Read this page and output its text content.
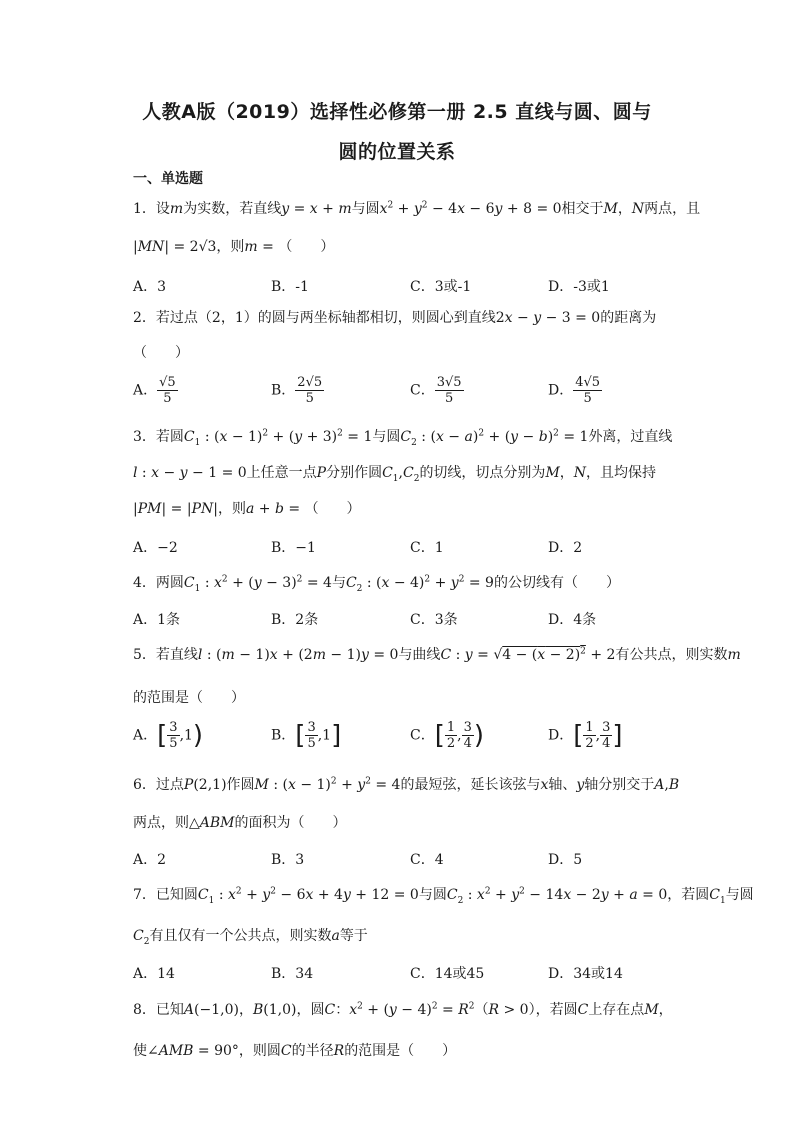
人教A版（2019）选择性必修第一册 2.5 直线与圆、圆与
圆的位置关系
一、单选题
1．设m为实数，若直线y = x + m与圆$x^2 + y^2 - 4x - 6y + 8 = 0$相交于M，N两点，且
|MN| = 2√3，则m = （　　）
A．3	B．-1	C．3或-1	D．-3或1
2．若过点（2，1）的圆与两坐标轴都相切，则圆心到直线2x − y − 3 = 0的距离为
（　　）
A． $\frac{√5}{5}$	B． $\frac{2√5}{5}$	C． $\frac{3√5}{5}$	D． $\frac{4√5}{5}$
3．若圆$C_1$ : $(x - 1)^2 + (y + 3)^2 = 1$与圆$C_2$ : $(x - a)^2 + (y - b)^2 = 1$外离，过直线
l : x − y − 1 = 0上任意一点P分别作圆$C_1,C_2$的切线，切点分别为M，N，且均保持
|PM| = |PN|，则a + b = （　　）
A．−2	B．−1	C．1	D．2
4．两圆$C_1$ : $x^2 + (y - 3)^2 = 4$与$C_2$ : $(x - 4)^2 + y^2 = 9$的公切线有（　　）
A．1条	B．2条	C．3条	D．4条
5．若直线l : (m − 1)x + (2m − 1)y = 0与曲线C : $y = √4 - (x - 2)^2 + 2$有公共点，则实数m
的范围是（　　）
A．[ $\frac{3}{5} ,1$)	B．[ $\frac{3}{5} ,1$]	C．[ $\frac{1}{2}$ , $\frac{3}{4}$ )	D．[ $\frac{1}{2}$ , $\frac{3}{4}$ ]
6．过点P(2,1)作圆M : $(x - 1)^2 + y^2 = 4$的最短弦，延长该弦与x轴、y轴分别交于A,B
两点，则△ABM的面积为（　　）
A．2	B．3	C．4	D．5
7．已知圆$C_1$ : $x^2 + y^2 - 6x + 4y + 12 = 0$与圆$C_2$ : $x^2 + y^2 - 14x - 2y + a = 0$，若圆$C_1$与圆
$C_2$有且仅有一个公共点，则实数a等于
A．14	B．34	C．14或45	D．34或14
8．已知A(−1,0)，B(1,0)，圆C：$x^2 + (y - 4)^2 = R^2(R > 0)$，若圆C上存在点M，
使∠AMB = 90°，则圆C的半径R的范围是（　　）
